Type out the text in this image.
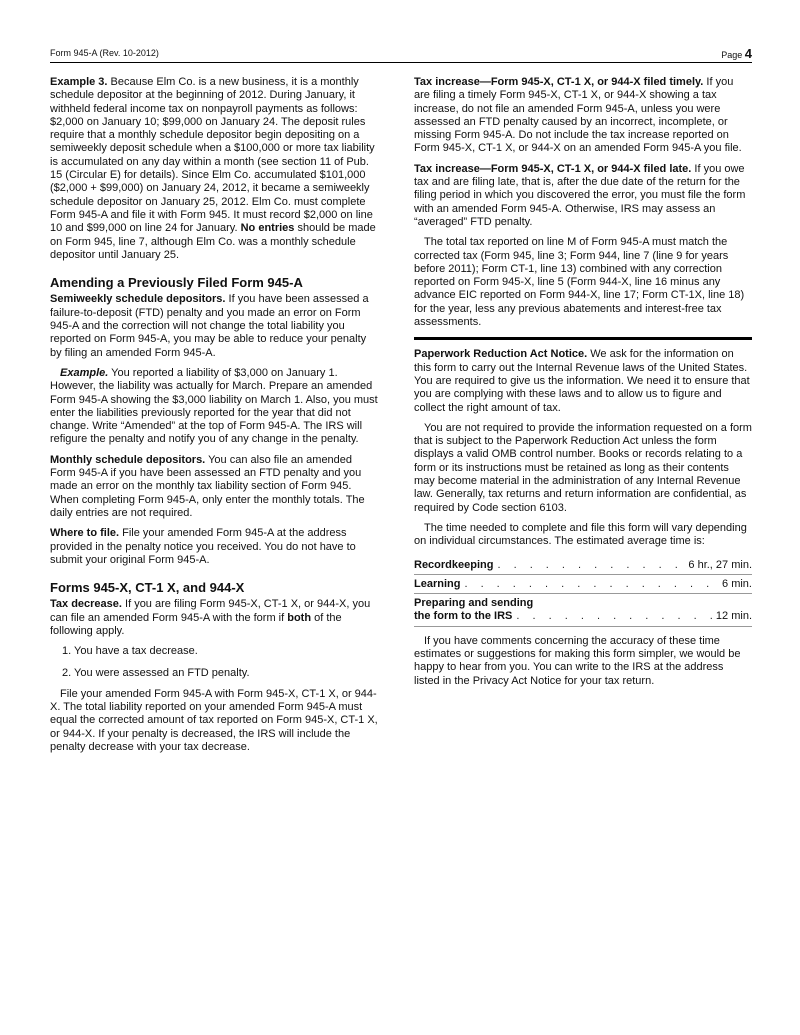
Form 945-A (Rev. 10-2012)	Page 4

Example 3. Because Elm Co. is a new business, it is a monthly schedule depositor at the beginning of 2012. During January, it withheld federal income tax on nonpayroll payments as follows: $2,000 on January 10; $99,000 on January 24. The deposit rules require that a monthly schedule depositor begin depositing on a semiweekly deposit schedule when a $100,000 or more tax liability is accumulated on any day within a month (see section 11 of Pub. 15 (Circular E) for details). Since Elm Co. accumulated $101,000 ($2,000 + $99,000) on January 24, 2012, it became a semiweekly schedule depositor on January 25, 2012. Elm Co. must complete Form 945-A and file it with Form 945. It must record $2,000 on line 10 and $99,000 on line 24 for January. No entries should be made on Form 945, line 7, although Elm Co. was a monthly schedule depositor until January 25.

Amending a Previously Filed Form 945-A

Semiweekly schedule depositors. If you have been assessed a failure-to-deposit (FTD) penalty and you made an error on Form 945-A and the correction will not change the total liability you reported on Form 945-A, you may be able to reduce your penalty by filing an amended Form 945-A.

Example. You reported a liability of $3,000 on January 1. However, the liability was actually for March. Prepare an amended Form 945-A showing the $3,000 liability on March 1. Also, you must enter the liabilities previously reported for the year that did not change. Write “Amended” at the top of Form 945-A. The IRS will refigure the penalty and notify you of any change in the penalty.

Monthly schedule depositors. You can also file an amended Form 945-A if you have been assessed an FTD penalty and you made an error on the monthly tax liability section of Form 945. When completing Form 945-A, only enter the monthly totals. The daily entries are not required.

Where to file. File your amended Form 945-A at the address provided in the penalty notice you received. You do not have to submit your original Form 945-A.

Forms 945-X, CT-1 X, and 944-X

Tax decrease. If you are filing Form 945-X, CT-1 X, or 944-X, you can file an amended Form 945-A with the form if both of the following apply.

1. You have a tax decrease.
2. You were assessed an FTD penalty.

File your amended Form 945-A with Form 945-X, CT-1 X, or 944-X. The total liability reported on your amended Form 945-A must equal the corrected amount of tax reported on Form 945-X, CT-1 X, or 944-X. If your penalty is decreased, the IRS will include the penalty decrease with your tax decrease.

Tax increase—Form 945-X, CT-1 X, or 944-X filed timely. If you are filing a timely Form 945-X, CT-1 X, or 944-X showing a tax increase, do not file an amended Form 945-A, unless you were assessed an FTD penalty caused by an incorrect, incomplete, or missing Form 945-A. Do not include the tax increase reported on Form 945-X, CT-1 X, or 944-X on an amended Form 945-A you file.

Tax increase—Form 945-X, CT-1 X, or 944-X filed late. If you owe tax and are filing late, that is, after the due date of the return for the filing period in which you discovered the error, you must file the form with an amended Form 945-A. Otherwise, IRS may assess an “averaged” FTD penalty.

The total tax reported on line M of Form 945-A must match the corrected tax (Form 945, line 3; Form 944, line 7 (line 9 for years before 2011); Form CT-1, line 13) combined with any correction reported on Form 945-X, line 5 (Form 944-X, line 16 minus any advance EIC reported on Form 944-X, line 17; Form CT-1X, line 18) for the year, less any previous abatements and interest-free tax assessments.

Paperwork Reduction Act Notice. We ask for the information on this form to carry out the Internal Revenue laws of the United States. You are required to give us the information. We need it to ensure that you are complying with these laws and to allow us to figure and collect the right amount of tax.

You are not required to provide the information requested on a form that is subject to the Paperwork Reduction Act unless the form displays a valid OMB control number. Books or records relating to a form or its instructions must be retained as long as their contents may become material in the administration of any Internal Revenue law. Generally, tax returns and return information are confidential, as required by Code section 6103.

The time needed to complete and file this form will vary depending on individual circumstances. The estimated average time is:

Recordkeeping . . .	6 hr., 27 min.
Learning . . .	6 min.
Preparing and sending
the form to the IRS . . .	12 min.

If you have comments concerning the accuracy of these time estimates or suggestions for making this form simpler, we would be happy to hear from you. You can write to the IRS at the address listed in the Privacy Act Notice for your tax return.
